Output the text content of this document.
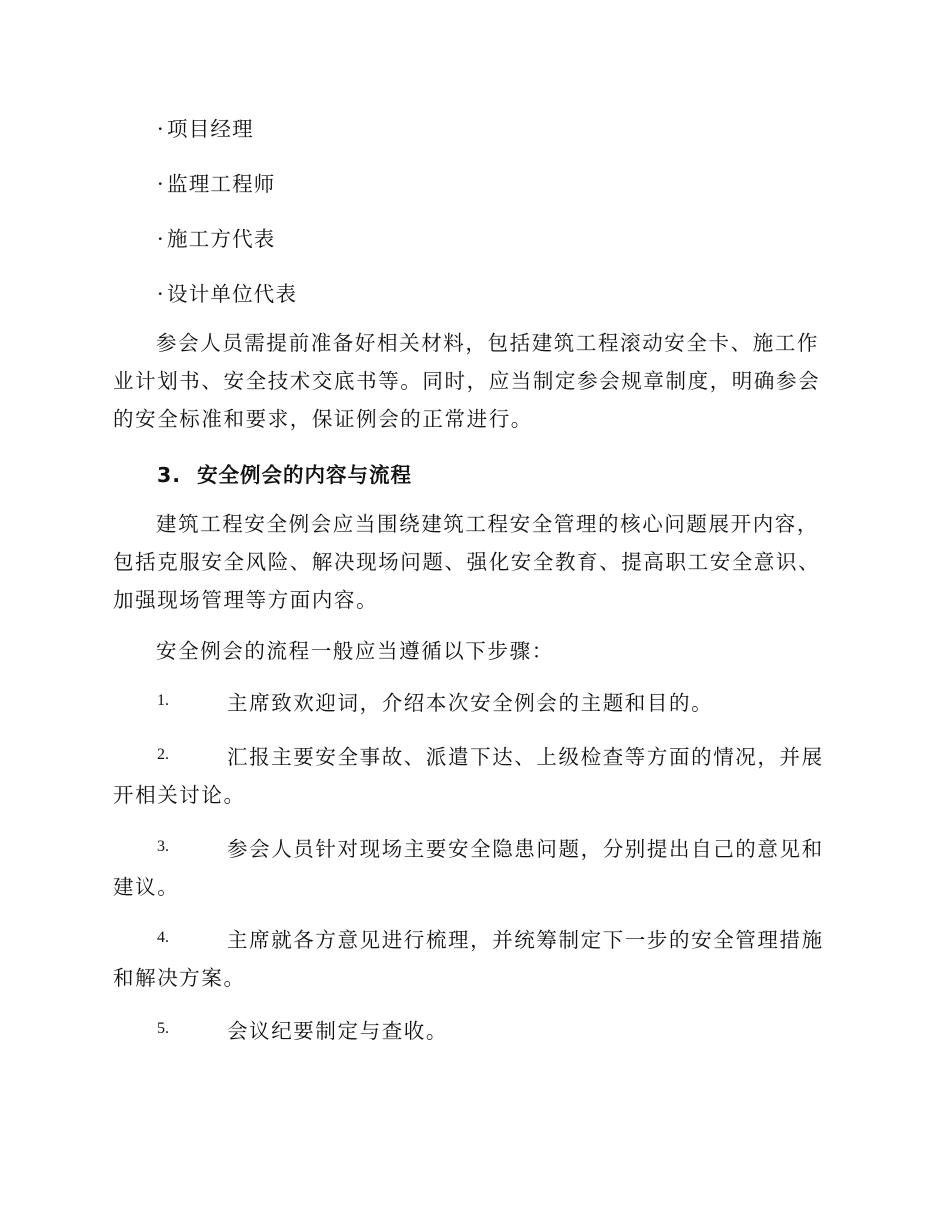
· 项目经理
· 监理工程师
· 施工方代表
· 设计单位代表
参会人员需提前准备好相关材料，包括建筑工程滚动安全卡、施工作业计划书、安全技术交底书等。同时，应当制定参会规章制度，明确参会的安全标准和要求，保证例会的正常进行。
3. 安全例会的内容与流程
建筑工程安全例会应当围绕建筑工程安全管理的核心问题展开内容，包括克服安全风险、解决现场问题、强化安全教育、提高职工安全意识、加强现场管理等方面内容。
安全例会的流程一般应当遵循以下步骤：
1.	主席致欢迎词，介绍本次安全例会的主题和目的。
2.	汇报主要安全事故、派遣下达、上级检查等方面的情况，并展开相关讨论。
3.	参会人员针对现场主要安全隐患问题，分别提出自己的意见和建议。
4.	主席就各方意见进行梳理，并统筹制定下一步的安全管理措施和解决方案。
5.	会议纪要制定与查收。
